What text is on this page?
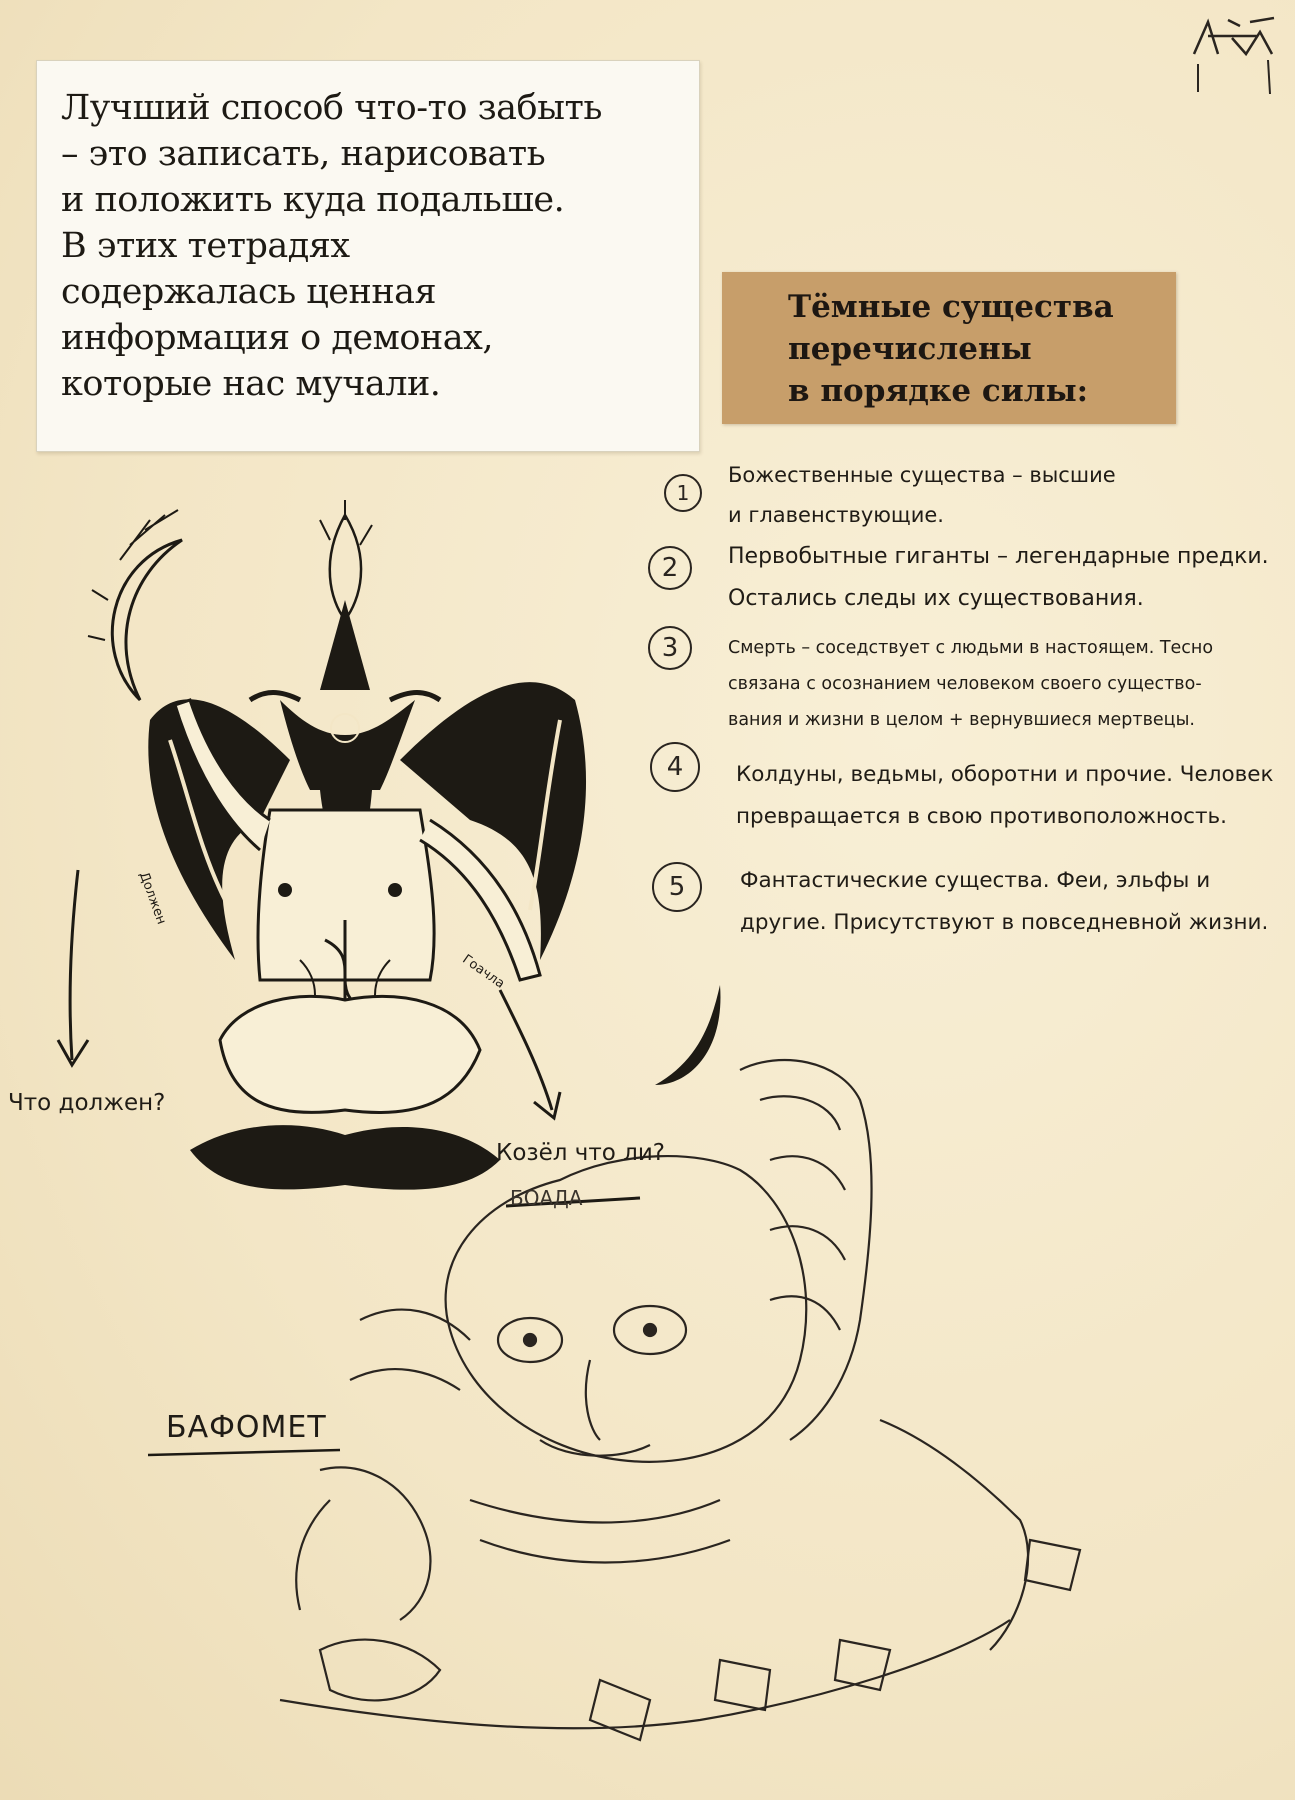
Лучший способ что-то забыть
– это записать, нарисовать
и положить куда подальше.
В этих тетрадях
содержалась ценная
информация о демонах,
которые нас мучали.
Тёмные существа
перечислены
в порядке силы:
1
Божественные существа – высшие
и главенствующие.
2 Первобытные гиганты – легендарные предки.
Остались следы их существования.
3	Смерть – соседствует с людьми в настоящем. Тесно
связана с осознанием человеком своего существо-
вания и жизни в целом + вернувшиеся мертвецы.
4 Колдуны, ведьмы, оборотни и прочие. Человек
превращается в свою противоположность.
5	Фантастические существа. Феи, эльфы и
другие. Присутствуют в повседневной жизни.
Должен
Гоачла
Что должен?
Козёл что ли?
БОАДА
БАФОМЕТ
